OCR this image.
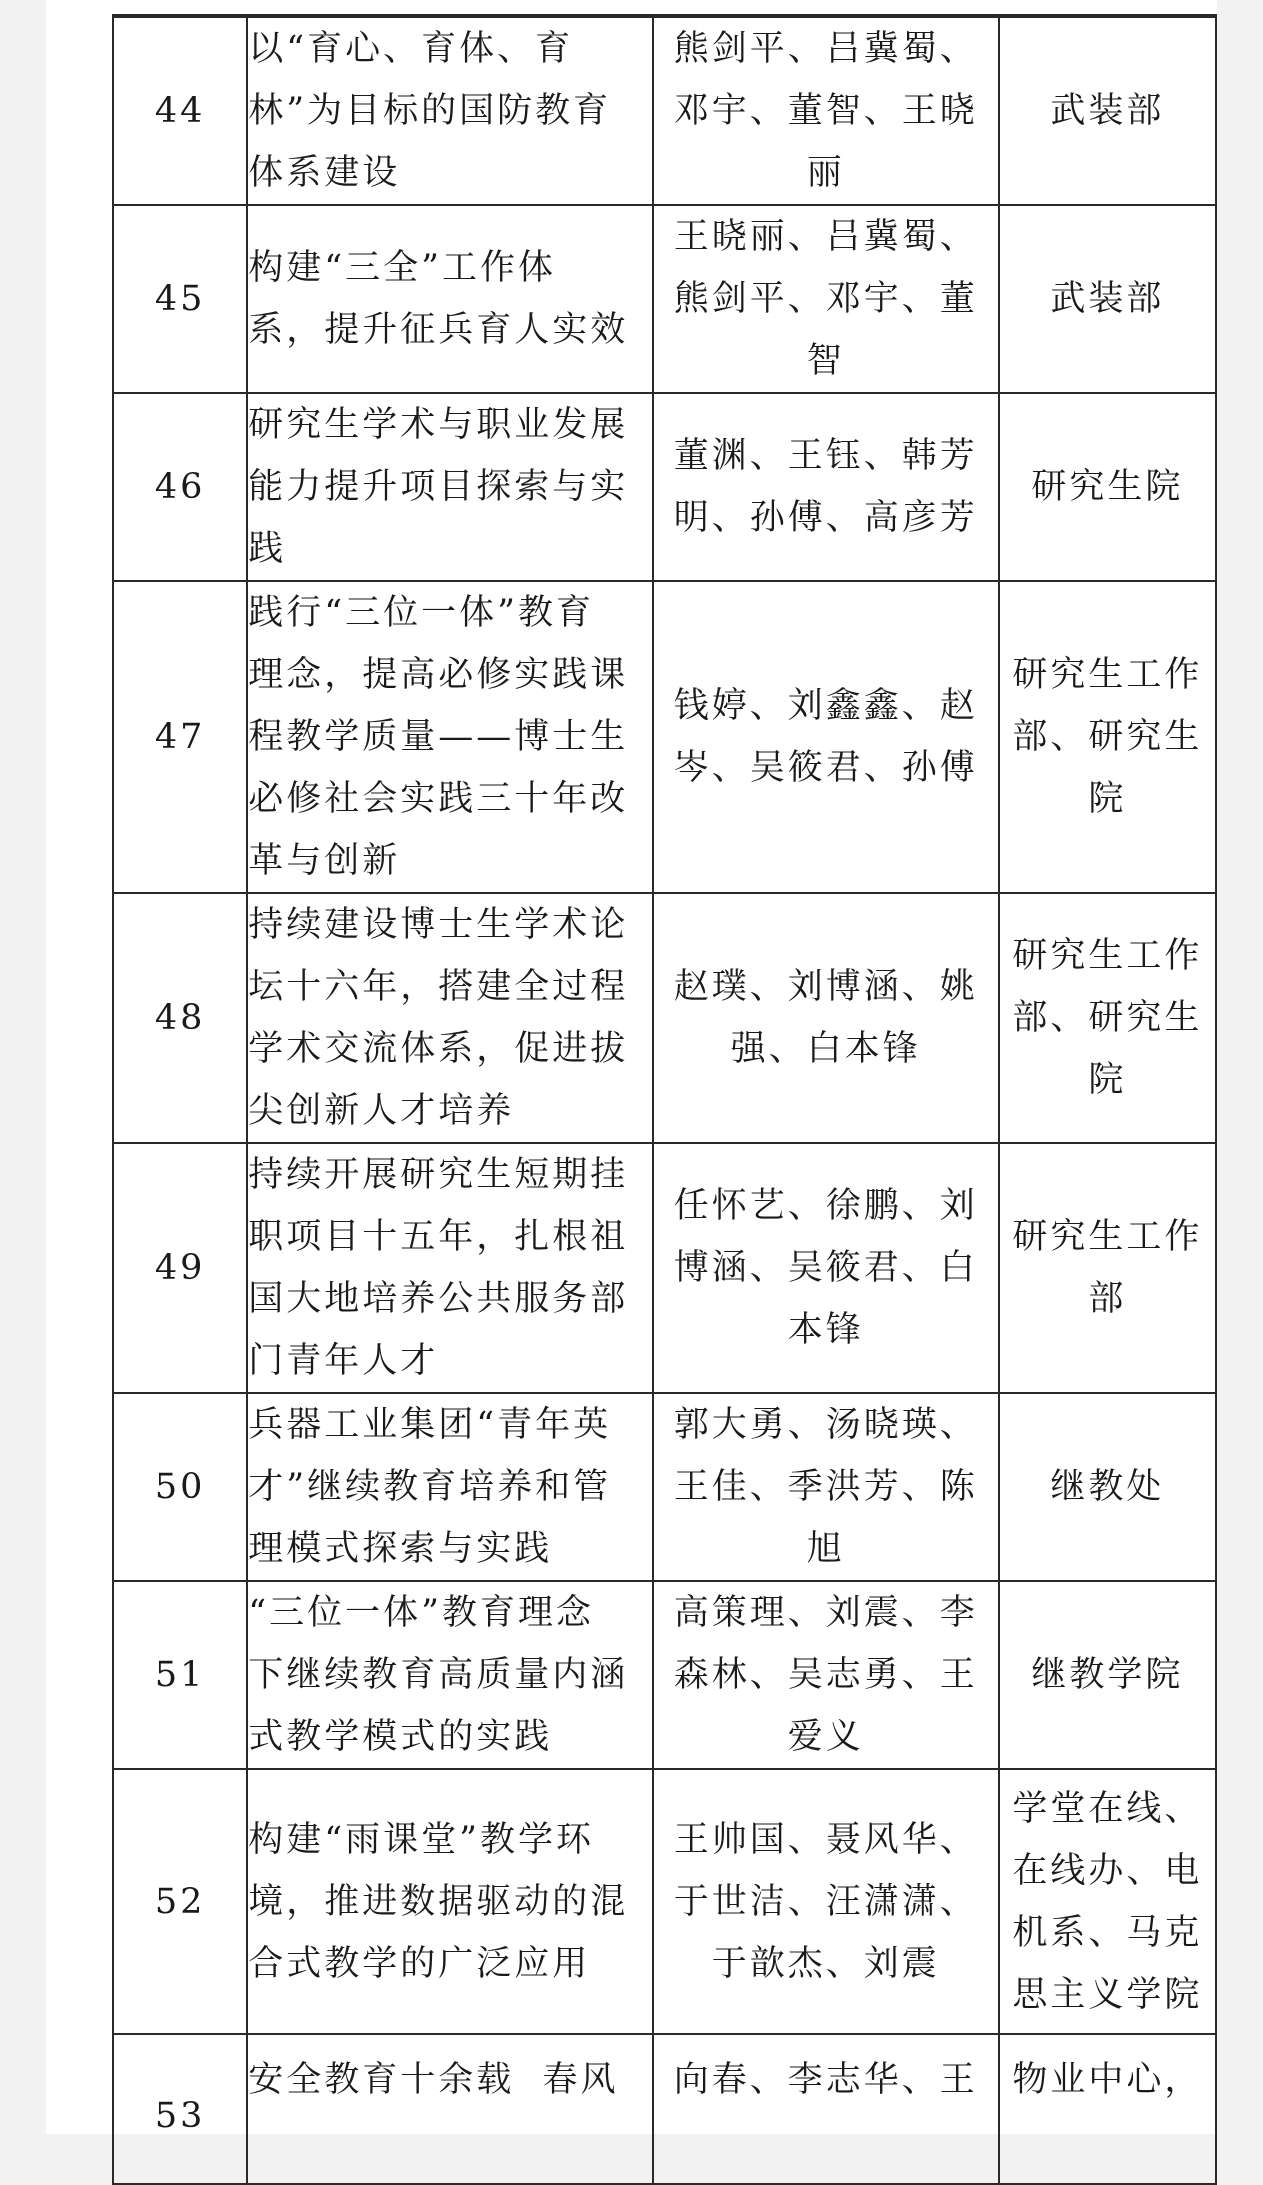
44	以“育心、育体、育
林”为目标的国防教育
体系建设	熊剑平、吕冀蜀、
邓宇、董智、王晓
丽	武装部

45	构建“三全”工作体
系，提升征兵育人实效	王晓丽、吕冀蜀、
熊剑平、邓宇、董
智	武装部

46	研究生学术与职业发展
能力提升项目探索与实
践	董渊、王钰、韩芳
明、孙傅、高彦芳	研究生院

47	践行“三位一体”教育
理念，提高必修实践课
程教学质量——博士生
必修社会实践三十年改
革与创新	钱婷、刘鑫鑫、赵
岑、吴筱君、孙傅	研究生工作
部、研究生
院

48	持续建设博士生学术论
坛十六年，搭建全过程
学术交流体系，促进拔
尖创新人才培养	赵璞、刘博涵、姚
强、白本锋	研究生工作
部、研究生
院

49	持续开展研究生短期挂
职项目十五年，扎根祖
国大地培养公共服务部
门青年人才	任怀艺、徐鹏、刘
博涵、吴筱君、白
本锋	研究生工作
部

50	兵器工业集团“青年英
才”继续教育培养和管
理模式探索与实践	郭大勇、汤晓瑛、
王佳、季洪芳、陈
旭	继教处

51	“三位一体”教育理念
下继续教育高质量内涵
式教学模式的实践	高策理、刘震、李
森林、吴志勇、王
爱义	继教学院

52	构建“雨课堂”教学环
境，推进数据驱动的混
合式教学的广泛应用	王帅国、聂风华、
于世洁、汪潇潇、
于歆杰、刘震	学堂在线、
在线办、电
机系、马克
思主义学院

53	安全教育十余载  春风	向春、李志华、王	物业中心，
